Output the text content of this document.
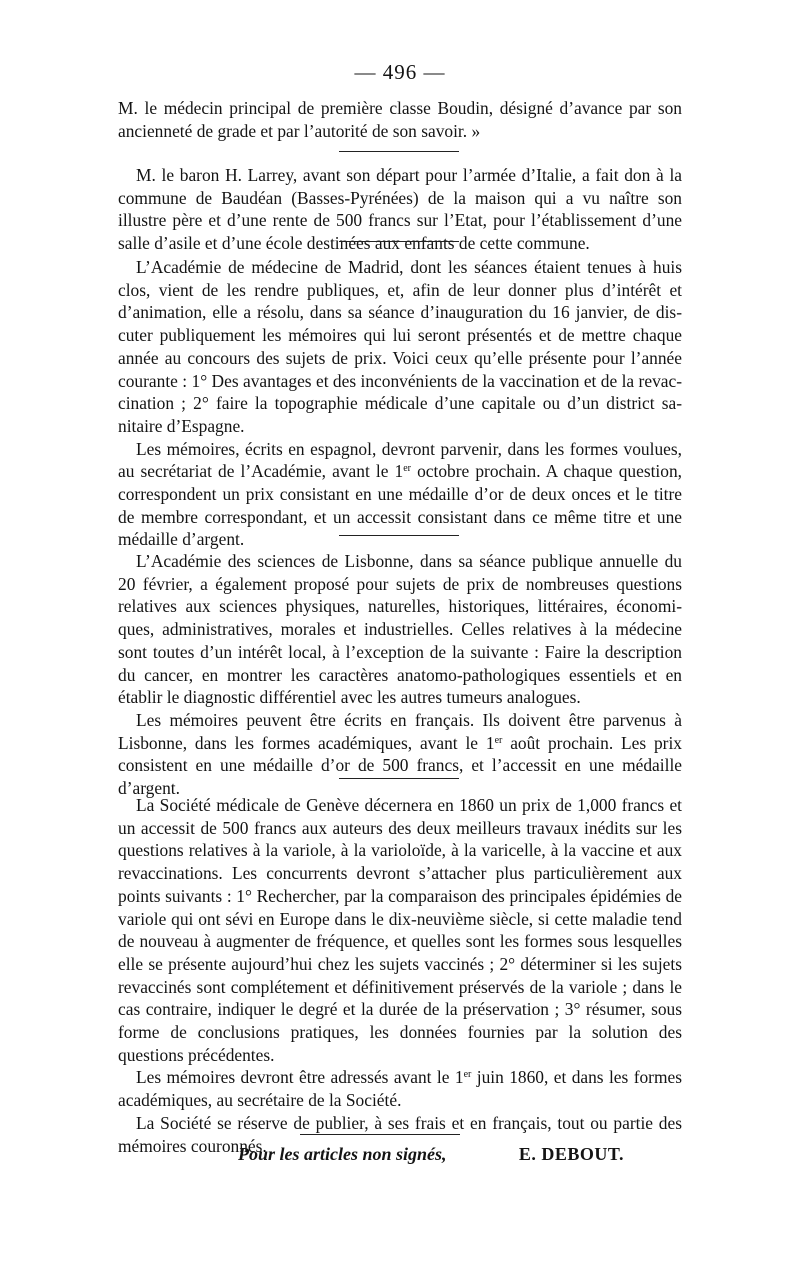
— 496 —

M. le médecin principal de première classe Boudin, désigné d’avance par son ancienneté de grade et par l’autorité de son savoir. »

M. le baron H. Larrey, avant son départ pour l’armée d’Italie, a fait don à la commune de Baudéan (Basses-Pyrénées) de la maison qui a vu naître son illustre père et d’une rente de 500 francs sur l’Etat, pour l’établissement d’une salle d’asile et d’une école destinées aux enfants de cette commune.

L’Académie de médecine de Madrid, dont les séances étaient tenues à huis clos, vient de les rendre publiques, et, afin de leur donner plus d’intérêt et d’animation, elle a résolu, dans sa séance d’inauguration du 16 janvier, de discuter publiquement les mémoires qui lui seront présentés et de mettre chaque année au concours des sujets de prix. Voici ceux qu’elle présente pour l’année courante : 1° Des avantages et des inconvénients de la vaccination et de la revaccination ; 2° faire la topographie médicale d’une capitale ou d’un district sanitaire d’Espagne.

Les mémoires, écrits en espagnol, devront parvenir, dans les formes voulues, au secrétariat de l’Académie, avant le 1er octobre prochain. A chaque question, correspondent un prix consistant en une médaille d’or de deux onces et le titre de membre correspondant, et un accessit consistant dans ce même titre et une médaille d’argent.

L’Académie des sciences de Lisbonne, dans sa séance publique annuelle du 20 février, a également proposé pour sujets de prix de nombreuses questions relatives aux sciences physiques, naturelles, historiques, littéraires, économiques, administratives, morales et industrielles. Celles relatives à la médecine sont toutes d’un intérêt local, à l’exception de la suivante : Faire la description du cancer, en montrer les caractères anatomo-pathologiques essentiels et en établir le diagnostic différentiel avec les autres tumeurs analogues.

Les mémoires peuvent être écrits en français. Ils doivent être parvenus à Lisbonne, dans les formes académiques, avant le 1er août prochain. Les prix consistent en une médaille d’or de 500 francs, et l’accessit en une médaille d’argent.

La Société médicale de Genève décernera en 1860 un prix de 1,000 francs et un accessit de 500 francs aux auteurs des deux meilleurs travaux inédits sur les questions relatives à la variole, à la varioloïde, à la varicelle, à la vaccine et aux revaccinations. Les concurrents devront s’attacher plus particulièrement aux points suivants : 1° Rechercher, par la comparaison des principales épidémies de variole qui ont sévi en Europe dans le dix-neuvième siècle, si cette maladie tend de nouveau à augmenter de fréquence, et quelles sont les formes sous lesquelles elle se présente aujourd’hui chez les sujets vaccinés ; 2° déterminer si les sujets revaccinés sont complétement et définitivement préservés de la variole ; dans le cas contraire, indiquer le degré et la durée de la préservation ; 3° résumer, sous forme de conclusions pratiques, les données fournies par la solution des questions précédentes.

Les mémoires devront être adressés avant le 1er juin 1860, et dans les formes académiques, au secrétaire de la Société.

La Société se réserve de publier, à ses frais et en français, tout ou partie des mémoires couronnés.

Pour les articles non signés,	E. DEBOUT.
